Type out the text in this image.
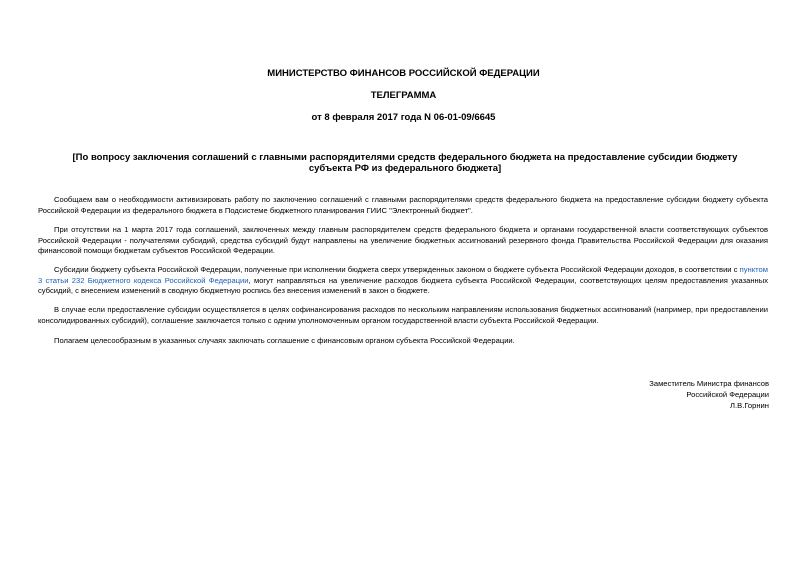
МИНИСТЕРСТВО ФИНАНСОВ РОССИЙСКОЙ ФЕДЕРАЦИИ
ТЕЛЕГРАММА
от 8 февраля 2017 года N 06-01-09/6645
[По вопросу заключения соглашений с главными распорядителями средств федерального бюджета на предоставление субсидии бюджету субъекта РФ из федерального бюджета]

Сообщаем вам о необходимости активизировать работу по заключению соглашений с главными распорядителями средств федерального бюджета на предоставление субсидии бюджету субъекта Российской Федерации из федерального бюджета в Подсистеме бюджетного планирования ГИИС "Электронный бюджет".

При отсутствии на 1 марта 2017 года соглашений, заключенных между главным распорядителем средств федерального бюджета и органами государственной власти соответствующих субъектов Российской Федерации - получателями субсидий, средства субсидий будут направлены на увеличение бюджетных ассигнований резервного фонда Правительства Российской Федерации для оказания финансовой помощи бюджетам субъектов Российской Федерации.

Субсидии бюджету субъекта Российской Федерации, полученные при исполнении бюджета сверх утвержденных законом о бюджете субъекта Российской Федерации доходов, в соответствии с пунктом 3 статьи 232 Бюджетного кодекса Российской Федерации, могут направляться на увеличение расходов бюджета субъекта Российской Федерации, соответствующих целям предоставления указанных субсидий, с внесением изменений в сводную бюджетную роспись без внесения изменений в закон о бюджете.

В случае если предоставление субсидии осуществляется в целях софинансирования расходов по нескольким направлениям использования бюджетных ассигнований (например, при предоставлении консолидированных субсидий), соглашение заключается только с одним уполномоченным органом государственной власти субъекта Российской Федерации.

Полагаем целесообразным в указанных случаях заключать соглашение с финансовым органом субъекта Российской Федерации.

Заместитель Министра финансов
Российской Федерации
Л.В.Горнин
